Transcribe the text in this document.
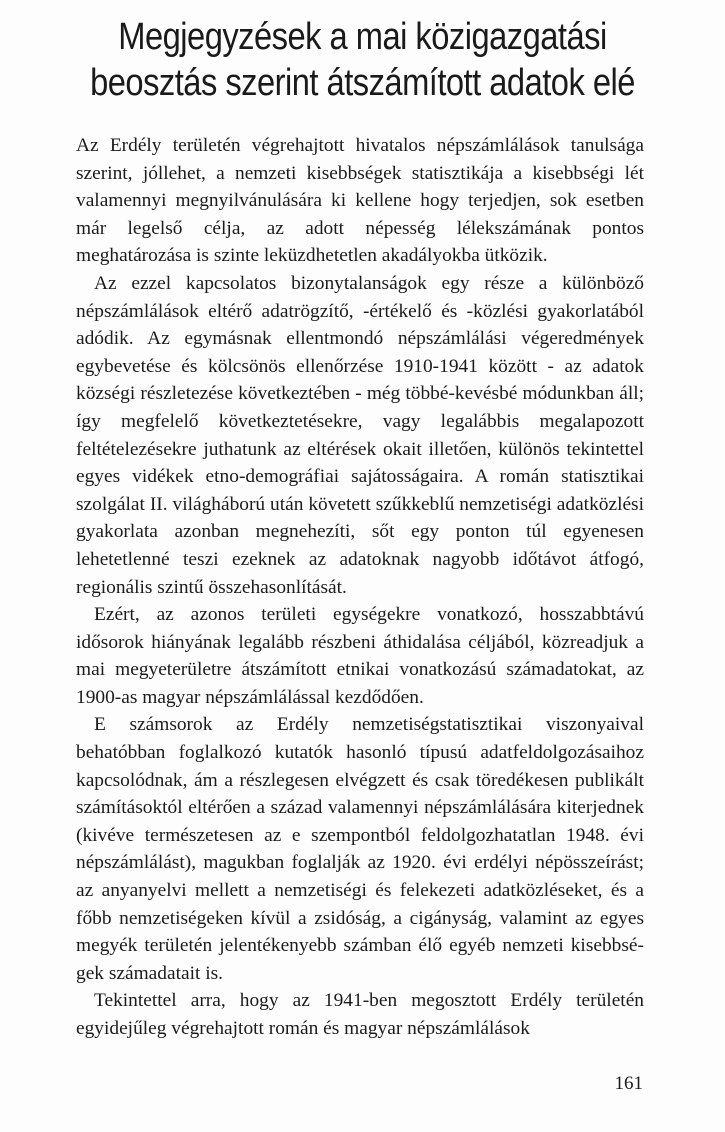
Megjegyzések a mai közigazgatási
beosztás szerint átszámított adatok elé

Az Erdély területén végrehajtott hivatalos népszámlálások tanulsága szerint, jóllehet, a nemzeti kisebbségek statisztikája a kisebbségi lét valamennyi megnyilvánulására ki kellene hogy terjedjen, sok esetben már legelső célja, az adott népesség lélekszámának pontos meghatározása is szinte leküzdhetetlen akadályokba ütközik.

Az ezzel kapcsolatos bizonytalanságok egy része a különböző népszámlálások eltérő adatrögzítő, -értékelő és -közlési gyakorlatából adódik. Az egymásnak ellentmondó népszámlálási végeredmények egybevetése és kölcsönös ellenőrzése 1910-1941 között - az adatok községi részletezése következtében - még többé-kevésbé módunkban áll; így megfelelő következtetésekre, vagy legalábbis megalapozott feltételezésekre juthatunk az eltérések okait illetően, különös tekintettel egyes vidékek etno-demográfiai sajátosságaira. A román statisztikai szolgálat II. világháború után követett szűkkeblű nemzetiségi adatközlési gyakorlata azonban megnehezíti, sőt egy ponton túl egyenesen lehetetlenné teszi ezeknek az adatoknak nagyobb időtávot átfogó, regionális szintű összehasonlítását.

Ezért, az azonos területi egységekre vonatkozó, hosszabbtávú idősorok hiányának legalább részbeni áthidalása céljából, közreadjuk a mai megyeterületre átszámított etnikai vonatkozású számadatokat, az 1900-as magyar népszámlálással kezdődően.

E számsorok az Erdély nemzetiségstatisztikai viszonyaival behatóbban foglalkozó kutatók hasonló típusú adatfeldolgozásaihoz kapcsolódnak, ám a részlegesen elvégzett és csak töredékesen publikált számításoktól eltérően a század valamennyi népszámlálására kiterjednek (kivéve természetesen az e szempontból feldolgozhatatlan 1948. évi népszámlálást), magukban foglalják az 1920. évi erdélyi népösszeírást; az anyanyelvi mellett a nemzetiségi és felekezeti adatközléseket, és a főbb nemzetiségeken kívül a zsidóság, a cigányság, valamint az egyes megyék területén jelentékenyebb számban élő egyéb nemzeti kisebbségek számadatait is.

Tekintettel arra, hogy az 1941-ben megosztott Erdély területén egyidejűleg végrehajtott román és magyar népszámlálások

161
